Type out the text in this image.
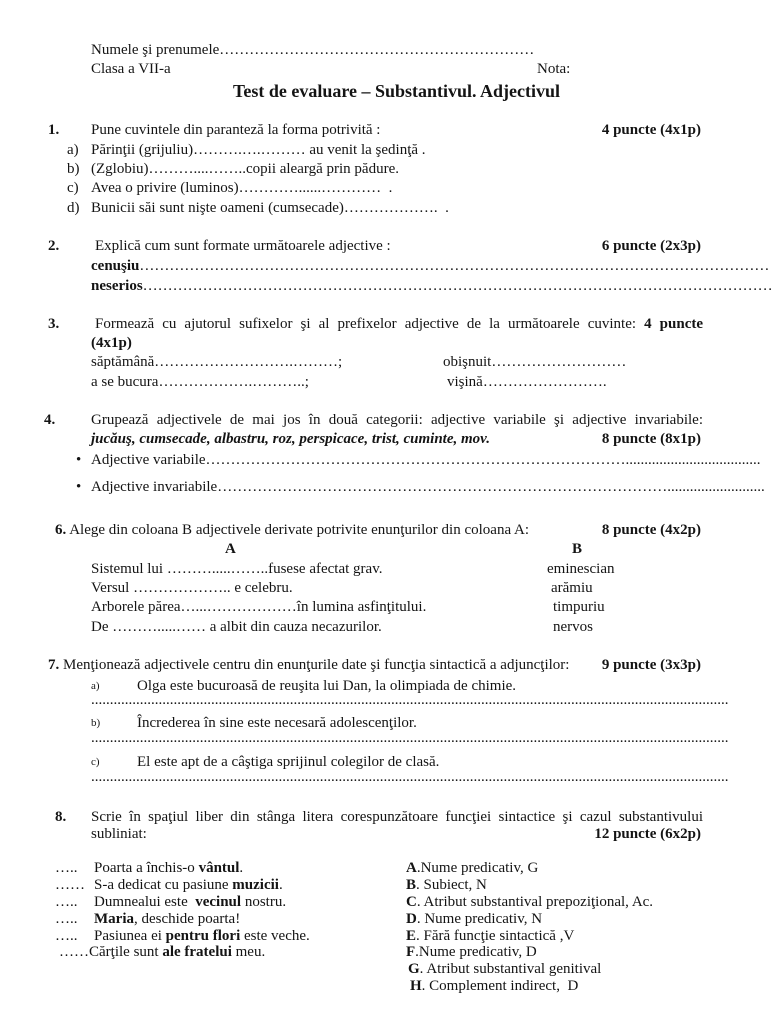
Numele şi prenumele………………………………………………………
Clasa a VII-a	Nota:
Test de evaluare – Substantivul. Adjectivul
1. Pune cuvintele din paranteză la forma potrivită :	4 puncte (4x1p)
a) Părinţii (grijuliu)……….….……… au venit la şedinţă .
b) (Zglobiu)………....……..copii aleargă prin pădure.
c) Avea o privire (luminos)…………......…………  .
d) Bunicii săi sunt nişte oameni (cumsecade)……………….  .
2. Explică cum sunt formate următoarele adjective :	6 puncte (2x3p)
cenuşiu………………………………………………………………………………………………………………
neserios………………………………………………………………………………………………………………
3. Formează cu ajutorul sufixelor şi al prefixelor adjective de la următoarele cuvinte: 4 puncte
(4x1p)
săptămână……………………….………;	obişnuit………………………
a se bucura……………….………..;	vişină…………………….
4. Grupează adjectivele de mai jos în două categorii: adjective variabile şi adjective invariabile:
jucăuş, cumsecade, albastru, roz, perspicace, trist, cuminte, mov.	8 puncte (8x1p)
• Adjective variabile…………………………………………………………………………....................................
• Adjective invariabile………………………………………………………………………………..........................
6. Alege din coloana B adjectivele derivate potrivite enunţurilor din coloana A:	8 puncte (4x2p)
A	B
Sistemul lui ……….....……..fusese afectat grav.	eminescian
Versul ……………….. e celebru.	arămiu
Arborele părea…...………………în lumina asfinţitului.	timpuriu
De ……….....…… a albit din cauza necazurilor.	nervos
7. Menţionează adjectivele centru din enunţurile date şi funcţia sintactică a adjuncţilor: 9 puncte (3x3p)
a) Olga este bucuroasă de reuşita lui Dan, la olimpiada de chimie.
..........................................................................................................................................................................
b) Încrederea în sine este necesară adolescenţilor.
..........................................................................................................................................................................
c) El este apt de a câştiga sprijinul colegilor de clasă.
..........................................................................................................................................................................
8. Scrie în spaţiul liber din stânga litera corespunzătoare funcţiei sintactice şi cazul substantivului
subliniat:	12 puncte (6x2p)
….. Poarta a închis-o vântul.
…… S-a dedicat cu pasiune muzicii.
….. Dumnealui este  vecinul nostru.
….. Maria, deschide poarta!
….. Pasiunea ei pentru flori este veche.
……Cărţile sunt ale fratelui meu.
A.Nume predicativ, G
B. Subiect, N
C. Atribut substantival prepoziţional, Ac.
D. Nume predicativ, N
E. Fără funcţie sintactică ,V
F.Nume predicativ, D
G. Atribut substantival genitival
H. Complement indirect,  D
